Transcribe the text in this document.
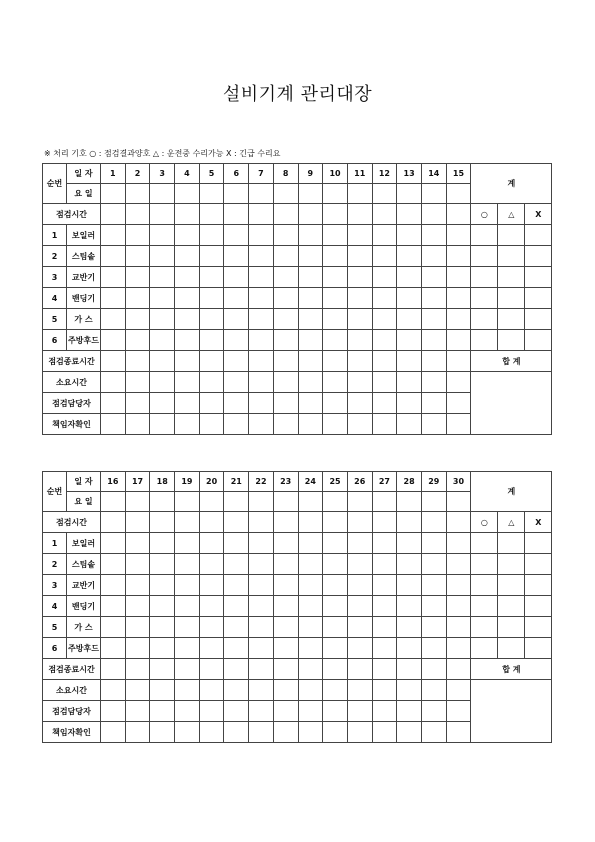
설비기계 관리대장
※ 처리 기호 ○ : 점검결과양호 △ : 운전중 수리가능 X : 긴급 수리요
순번	일 자	1	2	3	4	5	6	7	8	9	10	11	12	13	14	15	계		
	요 일																		
점검시간																	○	△	X
1	보일러																		
2	스팀솥																		
3	교반기																		
4	밴딩기																		
5	가 스																		
6	주방후드																		
점검종료시간																	합 계		
소요시간																			
점검담당자																			
책임자확인																			
순번	일 자	16	17	18	19	20	21	22	23	24	25	26	27	28	29	30	계		
	요 일																		
점검시간																	○	△	X
1	보일러																		
2	스팀솥																		
3	교반기																		
4	밴딩기																		
5	가 스																		
6	주방후드																		
점검종료시간																	합 계		
소요시간																			
점검담당자																			
책임자확인																			
